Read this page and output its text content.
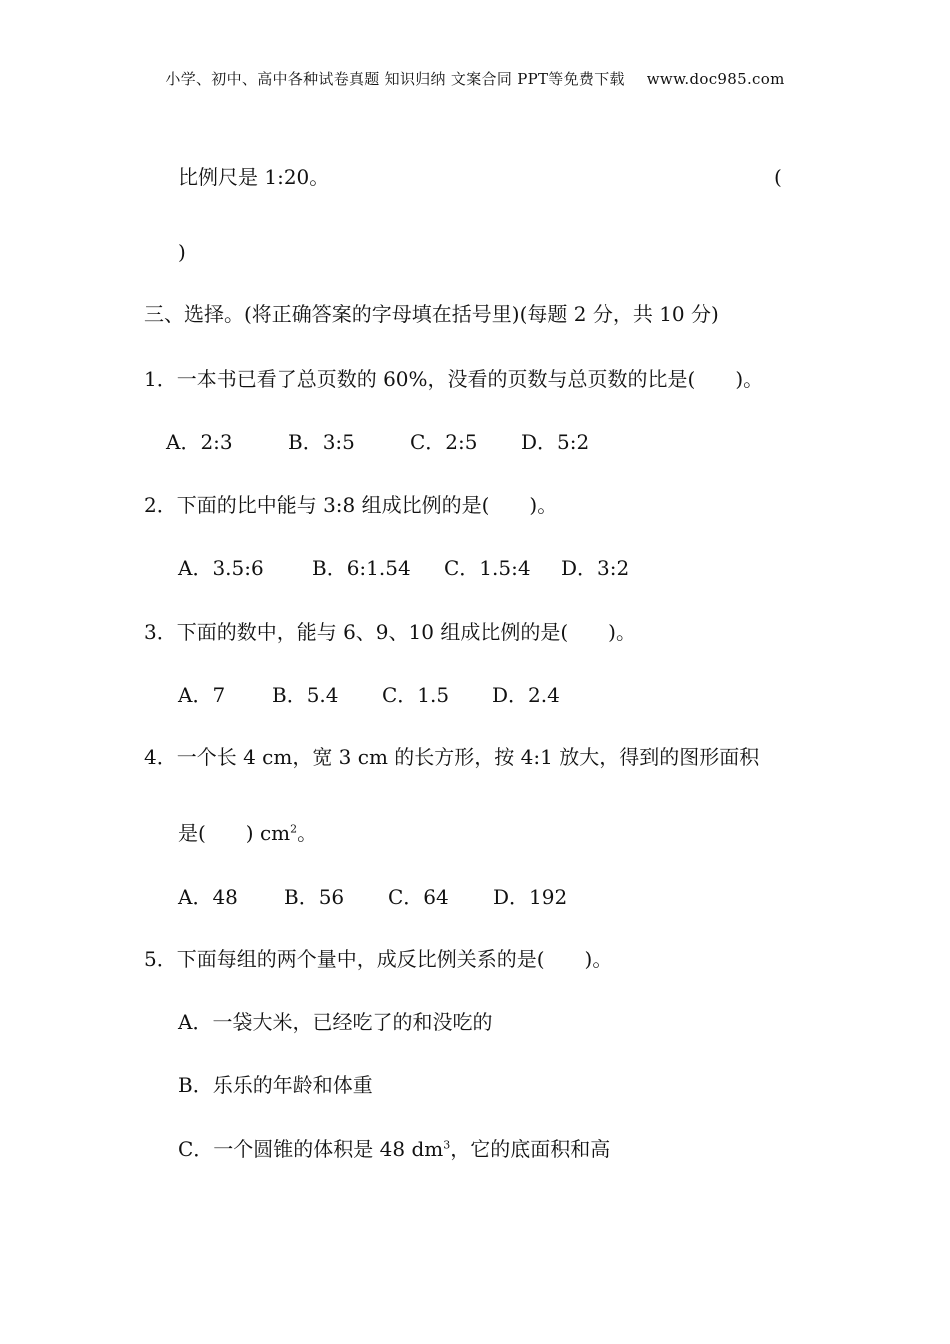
小学、初中、高中各种试卷真题 知识归纳 文案合同 PPT等免费下载 www.doc985.com
比例尺是 1:20。	(
)
三、选择。(将正确答案的字母填在括号里)(每题 2 分，共 10 分)
1．一本书已看了总页数的 60%，没看的页数与总页数的比是(　　)。
A．2:3	B．3:5	C．2:5 D．5:2
2．下面的比中能与 3:8 组成比例的是(　　)。
A．3.5:6 B．6:1.54 C．1.5:4 D．3:2
3．下面的数中，能与 6、9、10 组成比例的是(　　)。
A．7 B．5.4 C．1.5 D．2.4
4．一个长 4 cm，宽 3 cm 的长方形，按 4:1 放大，得到的图形面积
是(　　) $cm^2$。
A．48 B．56 C．64 D．192
5．下面每组的两个量中，成反比例关系的是(　　)。
A．一袋大米，已经吃了的和没吃的
B．乐乐的年龄和体重
C．一个圆锥的体积是 48 $dm^3$，它的底面积和高
